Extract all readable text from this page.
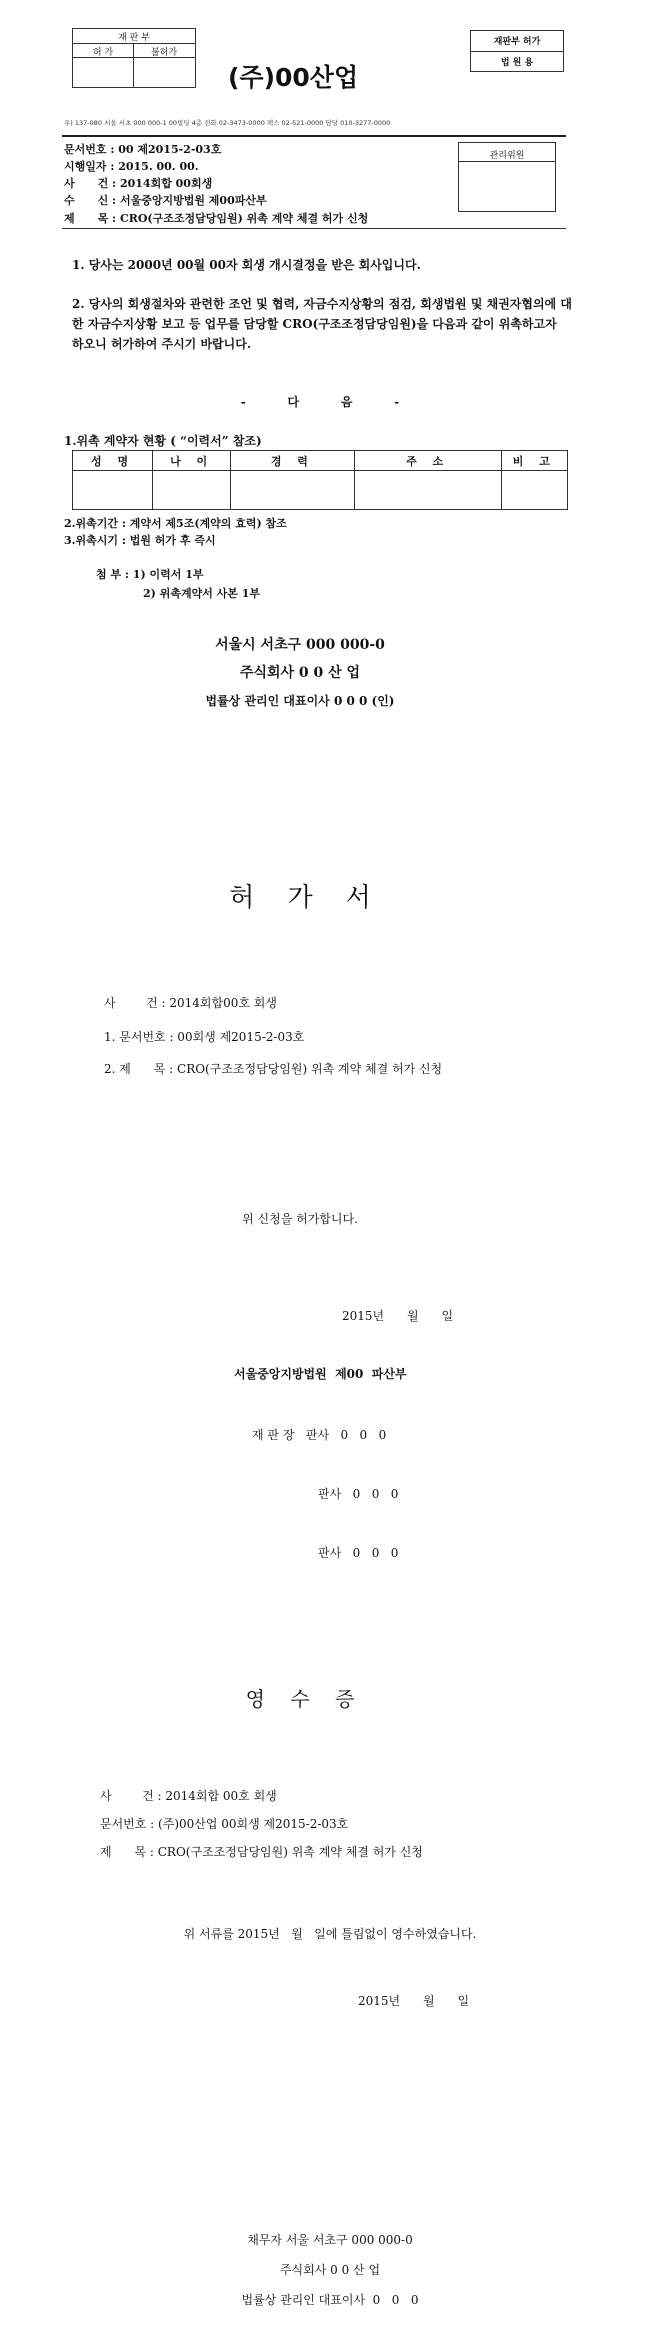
재 판 부
허 가	불허가
(주)00산업
재판부 허가
법 원 용
우) 137-080 서울 서초 000 000-1 00빌딩 4층 전화 02-3473-0000 팩스 02-521-0000 담당 010-3277-0000
문서번호 : 00 제2015-2-03호
시행일자 : 2015. 00. 00.
사      건 : 2014회합 00회생
수      신 : 서울중앙지방법원 제00파산부
제      목 : CRO(구조조정담당임원) 위촉 계약 체결 허가 신청
관리위원
1. 당사는 2000년 00월 00자 회생 개시결정을 받은 회사입니다.
2. 당사의 회생절차와 관련한 조언 및 협력, 자금수지상황의 점검, 회생법원 및 채권자협의에 대한 자금수지상황 보고 등 업무를 담당할 CRO(구조조정담당임원)을 다음과 같이 위촉하고자 하오니 허가하여 주시기 바랍니다.
-          다          음          -
1.위촉 계약자 현황 ( “이력서” 참조)
성 명	나 이	경 력	주 소	비 고

2.위촉기간 : 계약서 제5조(계약의 효력) 참조
3.위촉시기 : 법원 허가 후 즉시
첨 부 : 1) 이력서 1부
2) 위촉계약서 사본 1부
서울시 서초구 000 000-0
주식회사 0 0 산 업
법률상 관리인 대표이사 0 0 0 (인)
허    가    서
사        건 : 2014회합00호 회생
1. 문서번호 : 00회생 제2015-2-03호
2. 제      목 : CRO(구조조정담당임원) 위촉 계약 체결 허가 신청
위 신청을 허가합니다.
2015년      월      일
서울중앙지방법원  제00  파산부
재 판 장   판사   0   0   0
판사   0   0   0
판사   0   0   0
영    수    증
사        건 : 2014회합 00호 회생
문서번호 : (주)00산업 00회생 제2015-2-03호
제      목 : CRO(구조조정담당임원) 위촉 계약 체결 허가 신청
위 서류를 2015년   월   일에 틀림없이 영수하였습니다.
2015년      월      일
채무자 서울 서초구 000 000-0
주식회사 0 0 산 업
법률상 관리인 대표이사  0   0   0
